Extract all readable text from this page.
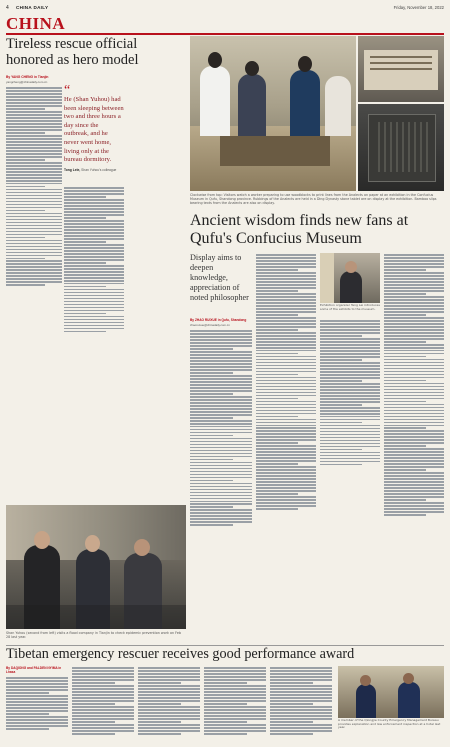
4 CHINA DAILY	Friday, November 18, 2022
CHINA
Tireless rescue official honored as hero model
By YANG CHENG in Tianjin
yangcheng@chinadaily.com.cn
“
He (Shan Yuhou) had been sleeping between two and three hours a day since the outbreak, and he never went home, living only at the bureau dormitory.
Tong Lele, Shan Yuhou's colleague
Shan Yuhou (second from left) visits a flood company in Tianjin to check epidemic prevention work on Feb 28 last year.
Clockwise from top: Visitors watch a worker preparing to use woodblocks to print lines from the Analects on paper at an exhibition in the Confucius Museum in Qufu, Shandong province. Rubbings of the Analects are held in a Ding Dynasty stone tablet are on display at the exhibition. Bamboo slips bearing texts from the Analects are also on display.
Ancient wisdom finds new fans at Qufu's Confucius Museum
Display aims to deepen knowledge, appreciation of noted philosopher
By ZHAO RUIXUE in Qufu, Shandong
zhaoruixue@chinadaily.com.cn
Exhibition organizer Teng Lei introduces some of the exhibits to the museum.
Tibetan emergency rescuer receives good performance award
By DAQIONG and PALDEN NYIMA in Lhasa
A member of the Qiongjie County Emergency Management Bureau provides explanation and law enforcement inspection at a hotel last year.
